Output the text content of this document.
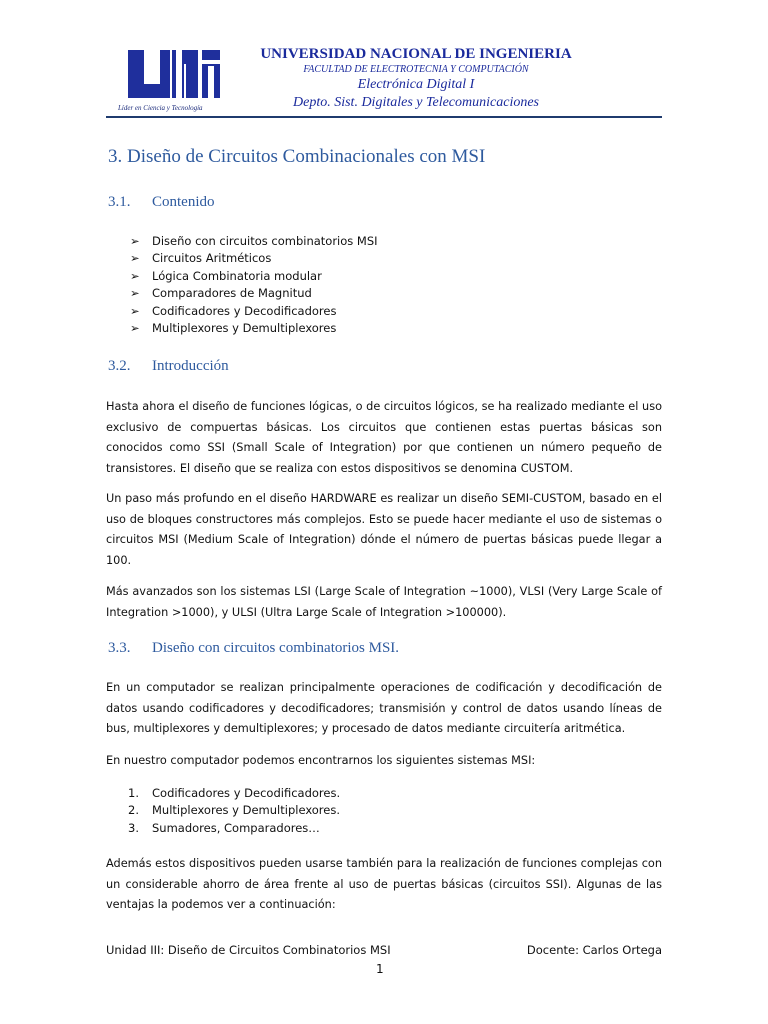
Líder en Ciencia y Tecnología
UNIVERSIDAD NACIONAL DE INGENIERIA
FACULTAD DE ELECTROTECNIA Y COMPUTACIÓN
Electrónica Digital I
Depto. Sist. Digitales y Telecomunicaciones
3. Diseño de Circuitos Combinacionales con MSI
3.1. Contenido
➢	Diseño con circuitos combinatorios MSI
➢	Circuitos Aritméticos
➢	Lógica Combinatoria modular
➢	Comparadores de Magnitud
➢	Codificadores y Decodificadores
➢	Multiplexores y Demultiplexores
3.2. Introducción

Hasta ahora el diseño de funciones lógicas, o de circuitos lógicos, se ha realizado mediante el uso exclusivo de compuertas básicas. Los circuitos que contienen estas puertas básicas son conocidos como SSI (Small Scale of Integration) por que contienen un número pequeño de transistores. El diseño que se realiza con estos dispositivos se denomina CUSTOM.

Un paso más profundo en el diseño HARDWARE es realizar un diseño SEMI-CUSTOM, basado en el uso de bloques constructores más complejos. Esto se puede hacer mediante el uso de sistemas o circuitos MSI (Medium Scale of Integration) dónde el número de puertas básicas puede llegar a 100.

Más avanzados son los sistemas LSI (Large Scale of Integration ~1000), VLSI (Very Large Scale of Integration >1000), y ULSI (Ultra Large Scale of Integration >100000).

3.3. Diseño con circuitos combinatorios MSI.

En un computador se realizan principalmente operaciones de codificación y decodificación de datos usando codificadores y decodificadores; transmisión y control de datos usando líneas de bus, multiplexores y demultiplexores; y procesado de datos mediante circuitería aritmética.

En nuestro computador podemos encontrarnos los siguientes sistemas MSI:

1. Codificadores y Decodificadores.
2. Multiplexores y Demultiplexores.
3. Sumadores, Comparadores…

Además estos dispositivos pueden usarse también para la realización de funciones complejas con un considerable ahorro de área frente al uso de puertas básicas (circuitos SSI). Algunas de las ventajas la podemos ver a continuación:

Unidad III: Diseño de Circuitos Combinatorios MSI	Docente: Carlos Ortega
1
